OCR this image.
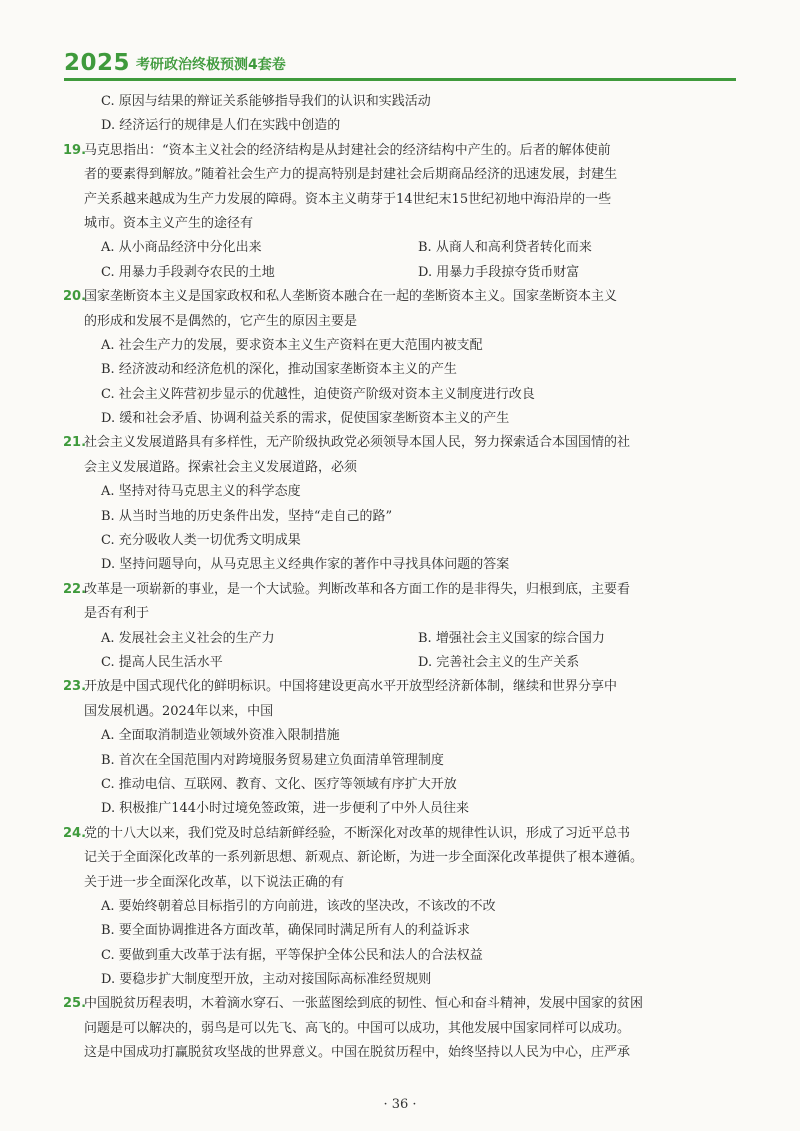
2025 考研政治终极预测4套卷
C. 原因与结果的辩证关系能够指导我们的认识和实践活动
D. 经济运行的规律是人们在实践中创造的
19.马克思指出：“资本主义社会的经济结构是从封建社会的经济结构中产生的。后者的解体使前
者的要素得到解放。”随着社会生产力的提高特别是封建社会后期商品经济的迅速发展，封建生
产关系越来越成为生产力发展的障碍。资本主义萌芽于14世纪末15世纪初地中海沿岸的一些
城市。资本主义产生的途径有
A. 从小商品经济中分化出来	B. 从商人和高利贷者转化而来
C. 用暴力手段剥夺农民的土地	D. 用暴力手段掠夺货币财富
20.国家垄断资本主义是国家政权和私人垄断资本融合在一起的垄断资本主义。国家垄断资本主义
的形成和发展不是偶然的，它产生的原因主要是
A. 社会生产力的发展，要求资本主义生产资料在更大范围内被支配
B. 经济波动和经济危机的深化，推动国家垄断资本主义的产生
C. 社会主义阵营初步显示的优越性，迫使资产阶级对资本主义制度进行改良
D. 缓和社会矛盾、协调利益关系的需求，促使国家垄断资本主义的产生
21.社会主义发展道路具有多样性，无产阶级执政党必须领导本国人民，努力探索适合本国国情的社
会主义发展道路。探索社会主义发展道路，必须
A. 坚持对待马克思主义的科学态度
B. 从当时当地的历史条件出发，坚持“走自己的路”
C. 充分吸收人类一切优秀文明成果
D. 坚持问题导向，从马克思主义经典作家的著作中寻找具体问题的答案
22.改革是一项崭新的事业，是一个大试验。判断改革和各方面工作的是非得失，归根到底，主要看
是否有利于
A. 发展社会主义社会的生产力	B. 增强社会主义国家的综合国力
C. 提高人民生活水平	D. 完善社会主义的生产关系
23.开放是中国式现代化的鲜明标识。中国将建设更高水平开放型经济新体制，继续和世界分享中
国发展机遇。2024年以来，中国
A. 全面取消制造业领域外资准入限制措施
B. 首次在全国范围内对跨境服务贸易建立负面清单管理制度
C. 推动电信、互联网、教育、文化、医疗等领域有序扩大开放
D. 积极推广144小时过境免签政策，进一步便利了中外人员往来
24.党的十八大以来，我们党及时总结新鲜经验，不断深化对改革的规律性认识，形成了习近平总书
记关于全面深化改革的一系列新思想、新观点、新论断，为进一步全面深化改革提供了根本遵循。
关于进一步全面深化改革，以下说法正确的有
A. 要始终朝着总目标指引的方向前进，该改的坚决改，不该改的不改
B. 要全面协调推进各方面改革，确保同时满足所有人的利益诉求
C. 要做到重大改革于法有据，平等保护全体公民和法人的合法权益
D. 要稳步扩大制度型开放，主动对接国际高标准经贸规则
25.中国脱贫历程表明，木着滴水穿石、一张蓝图绘到底的韧性、恒心和奋斗精神，发展中国家的贫困
问题是可以解决的，弱鸟是可以先飞、高飞的。中国可以成功，其他发展中国家同样可以成功。
这是中国成功打赢脱贫攻坚战的世界意义。中国在脱贫历程中，始终坚持以人民为中心，庄严承
· 36 ·
